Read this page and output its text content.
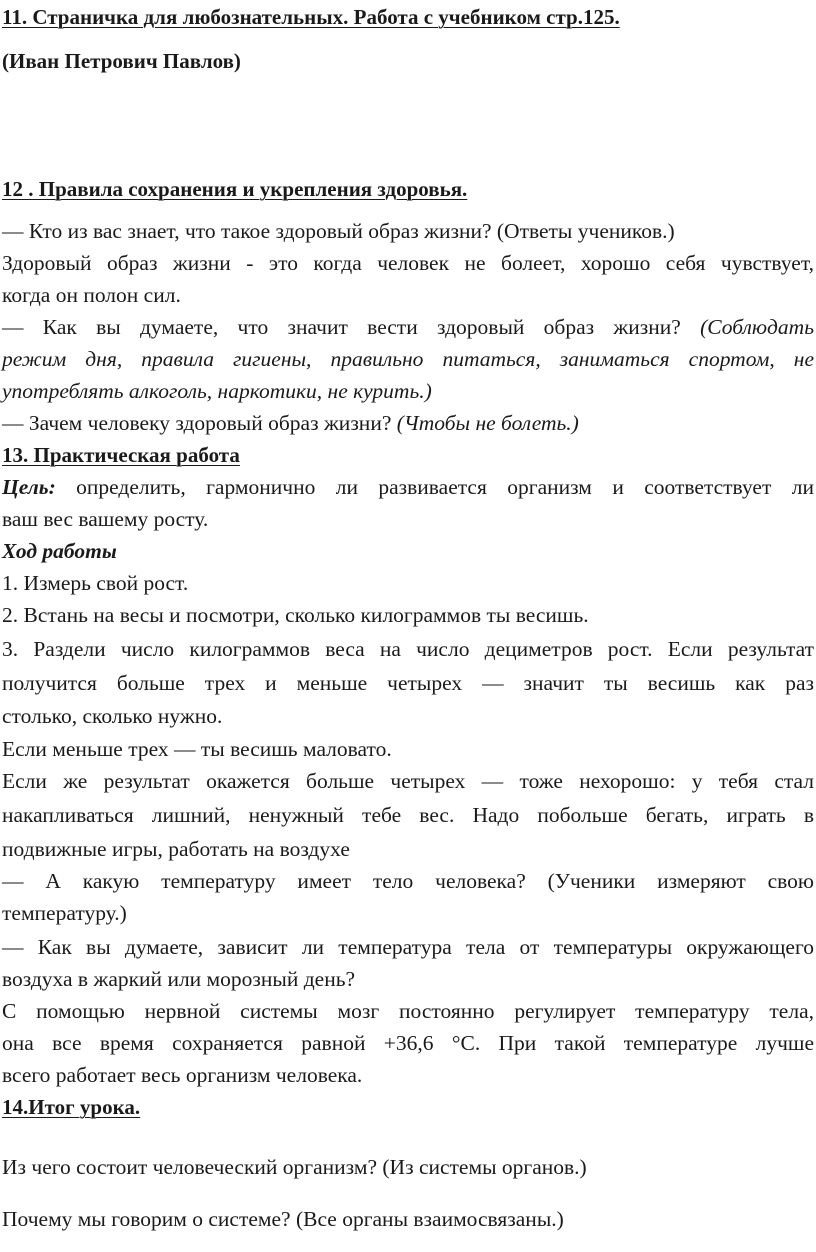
11. Страничка для любознательных. Работа с учебником стр.125.
(Иван Петрович Павлов)
12 . Правила сохранения и укрепления здоровья.
— Кто из вас знает, что такое здоровый образ жизни? (Ответы учеников.)
Здоровый образ жизни - это когда человек не болеет, хорошо себя чувствует,
когда он полон сил.
— Как вы думаете, что значит вести здоровый образ жизни? (Соблюдать
режим дня, правила гигиены, правильно питаться, заниматься спортом, не
употреблять алкоголь, наркотики, не курить.)
— Зачем человеку здоровый образ жизни? (Чтобы не болеть.)
13. Практическая работа
Цель: определить, гармонично ли развивается организм и соответствует ли
ваш вес вашему росту.
Ход работы
1. Измерь свой рост.
2. Встань на весы и посмотри, сколько килограммов ты весишь.
3. Раздели число килограммов веса на число дециметров рост. Если результат
получится больше трех и меньше четырех — значит ты весишь как раз
столько, сколько нужно.
Если меньше трех — ты весишь маловато.
Если же результат окажется больше четырех — тоже нехорошо: у тебя стал
накапливаться лишний, ненужный тебе вес. Надо побольше бегать, играть в
подвижные игры, работать на воздухе
— А какую температуру имеет тело человека? (Ученики измеряют свою
температуру.)
— Как вы думаете, зависит ли температура тела от температуры окружающего
воздуха в жаркий или морозный день?
С помощью нервной системы мозг постоянно регулирует температуру тела,
она все время сохраняется равной +36,6 °С. При такой температуре лучше
всего работает весь организм человека.
14.Итог урока.
Из чего состоит человеческий организм? (Из системы органов.)
Почему мы говорим о системе? (Все органы взаимосвязаны.)
